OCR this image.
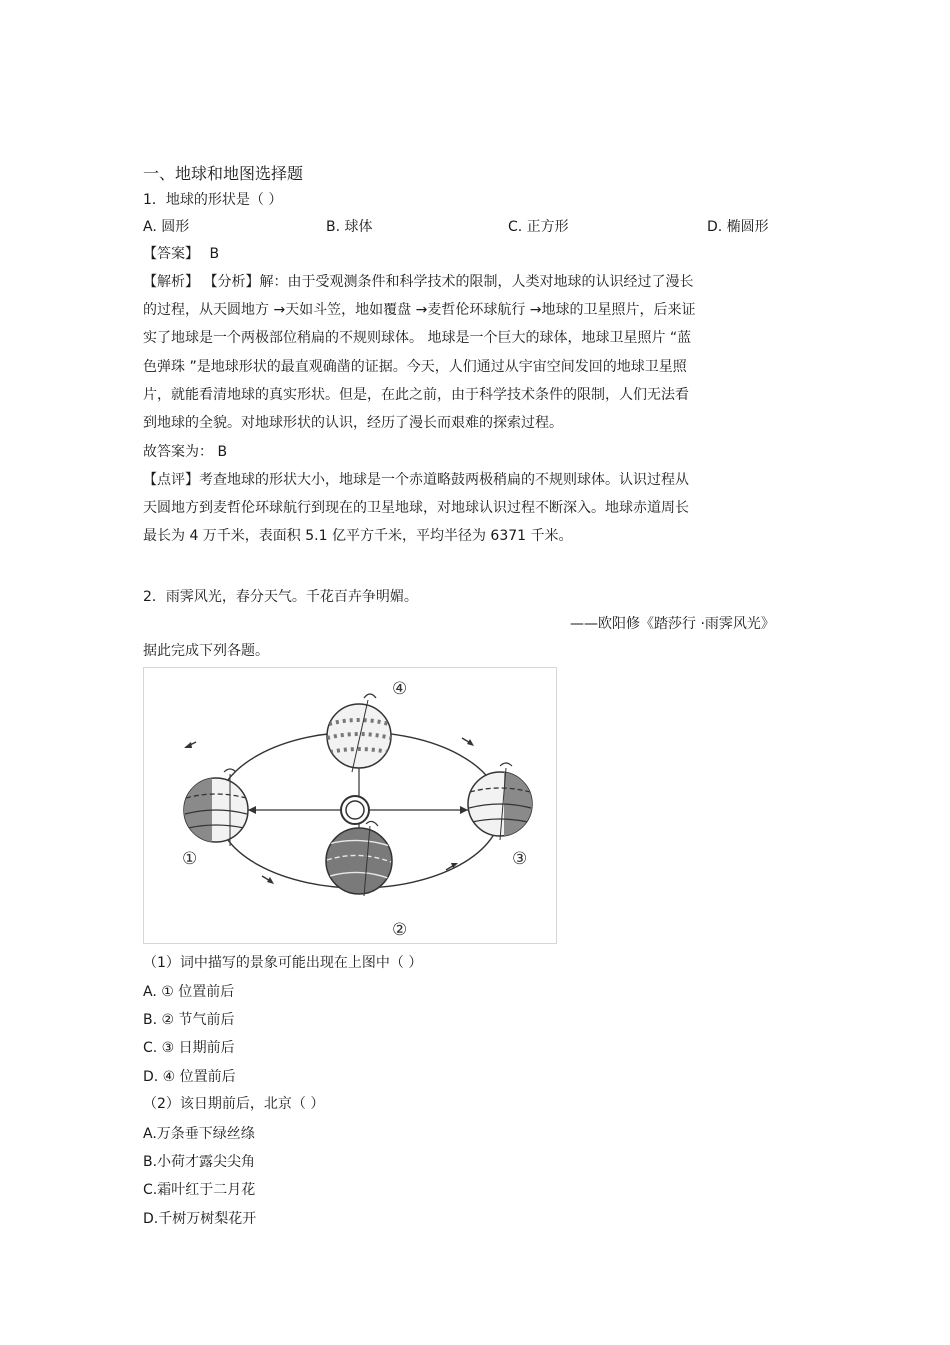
一、地球和地图选择题
1．地球的形状是（ ）
A. 圆形	B. 球体	C. 正方形	D. 椭圆形
【答案】 B
【解析】 【分析】解：由于受观测条件和科学技术的限制，人类对地球的认识经过了漫长
的过程，从天圆地方 →天如斗笠，地如覆盘 →麦哲伦环球航行 →地球的卫星照片，后来证
实了地球是一个两极部位稍扁的不规则球体。 地球是一个巨大的球体，地球卫星照片 “蓝
色弹珠 ”是地球形状的最直观确凿的证据。今天，人们通过从宇宙空间发回的地球卫星照
片，就能看清地球的真实形状。但是，在此之前，由于科学技术条件的限制，人们无法看
到地球的全貌。对地球形状的认识，经历了漫长而艰难的探索过程。
故答案为： B
【点评】考查地球的形状大小，地球是一个赤道略鼓两极稍扁的不规则球体。认识过程从
天圆地方到麦哲伦环球航行到现在的卫星地球，对地球认识过程不断深入。地球赤道周长
最长为 4 万千米，表面积 5.1 亿平方千米，平均半径为 6371 千米。
2．雨霁风光，春分天气。千花百卉争明媚。
——欧阳修《踏莎行 ·雨霁风光》
据此完成下列各题。
①
②
③
④
（1）词中描写的景象可能出现在上图中（ ）
A. ① 位置前后
B. ② 节气前后
C. ③ 日期前后
D. ④ 位置前后
（2）该日期前后，北京（ ）
A.万条垂下绿丝绦
B.小荷才露尖尖角
C.霜叶红于二月花
D.千树万树梨花开
